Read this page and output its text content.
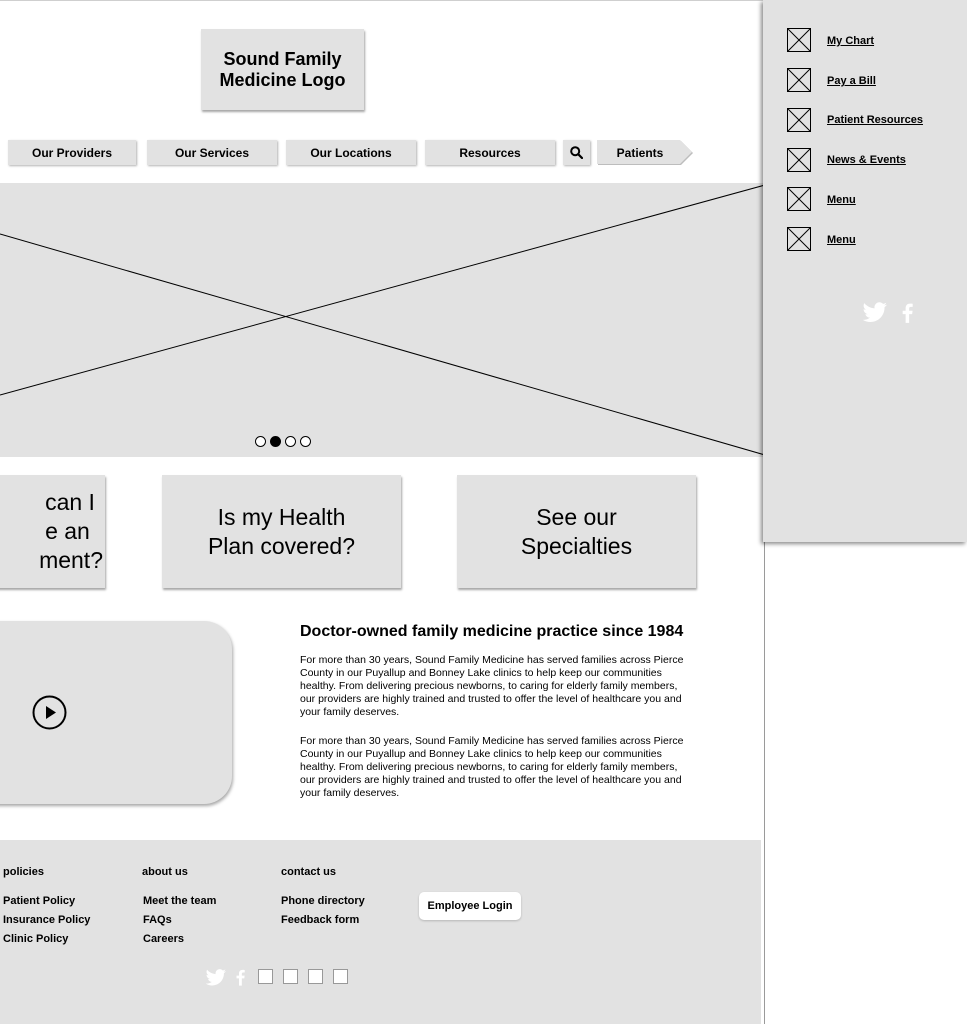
Sound Family Medicine Logo
Our Providers	Our Services	Our Locations	Resources	Patients
can I
e an
ment?
Is my Health
Plan covered?
See our
Specialties
Doctor-owned family medicine practice since 1984

For more than 30 years, Sound Family Medicine has served families across Pierce County in our Puyallup and Bonney Lake clinics to help keep our communities healthy. From delivering precious newborns, to caring for elderly family members, our providers are highly trained and trusted to offer the level of healthcare you and your family deserves.

For more than 30 years, Sound Family Medicine has served families across Pierce County in our Puyallup and Bonney Lake clinics to help keep our communities healthy. From delivering precious newborns, to caring for elderly family members, our providers are highly trained and trusted to offer the level of healthcare you and your family deserves.

policies
Patient Policy
Insurance Policy
Clinic Policy
about us
Meet the team
FAQs
Careers
contact us
Phone directory
Feedback form
Employee Login
My Chart
Pay a Bill
Patient Resources
News & Events
Menu
Menu
